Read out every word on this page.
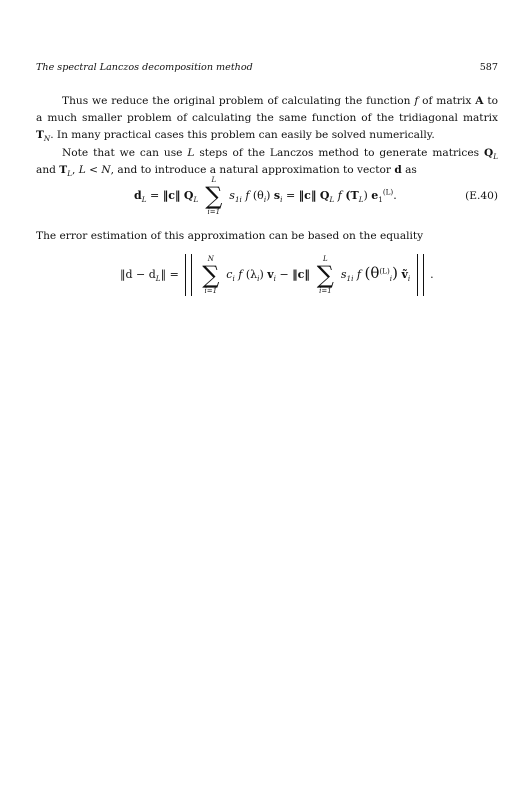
The spectral Lanczos decomposition method	587

Thus we reduce the original problem of calculating the function f of matrix A to a much smaller problem of calculating the same function of the tridiagonal matrix $T_N$. In many practical cases this problem can easily be solved numerically.

Note that we can use L steps of the Lanczos method to generate matrices $Q_L$ and $T_L$, L < N, and to introduce a natural approximation to vector d as

$d_L$ = ‖c‖ $Q_L$
L
∑
i=1
$s_{1i}$ f $(\theta_i) s_i$ = ‖c‖ $Q_L$ f $(T_L)$ $e_1^{(L)}$.	(E.40)
The error estimation of this approximation can be based on the equality
‖d − $d_L‖$ =
N
∑
i=1
$c_i$ f $(\lambda_i) v_i$ − ‖c‖
L
∑
i=1
$s_{1i}$ f $(\theta^{(L)}_i)$ ṽ$_i$ .
